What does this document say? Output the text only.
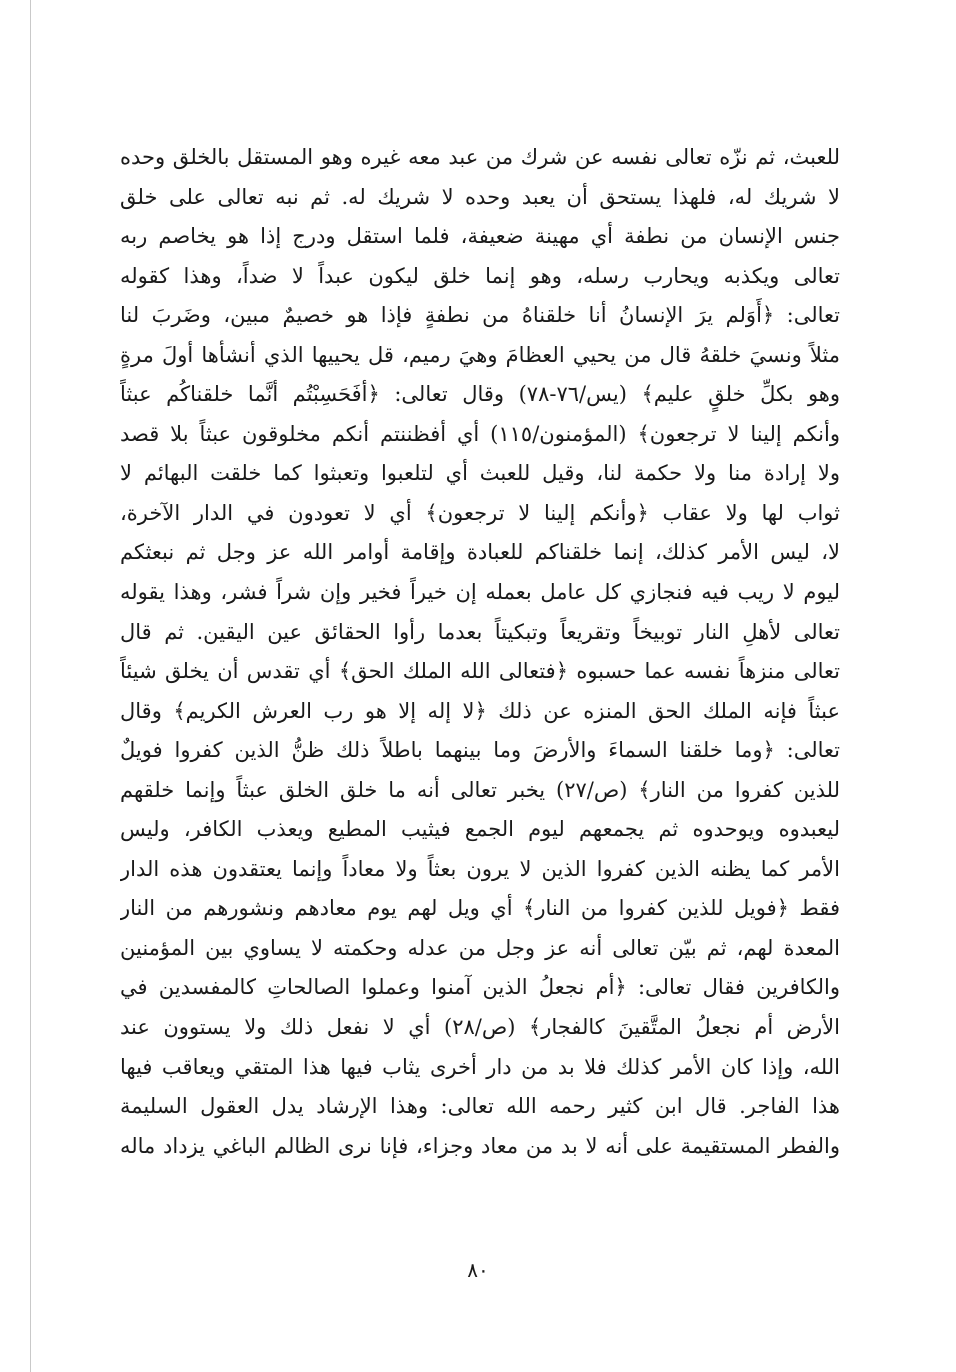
للعبث، ثم نزّه تعالى نفسه عن شرك من عبد معه غيره وهو المستقل بالخلق وحده
لا شريك له، فلهذا يستحق أن يعبد وحده لا شريك له. ثم نبه تعالى على خلق
جنس الإنسان من نطفة أي مهينة ضعيفة، فلما استقل ودرج إذا هو يخاصم ربه
تعالى ويكذبه ويحارب رسله، وهو إنما خلق ليكون عبداً لا ضداً، وهذا كقوله
تعالى: ﴿أَوَلم يرَ الإنسانُ أنا خلقناهُ من نطفةٍ فإذا هو خصيمٌ مبين، وضَربَ لنا
مثلاً ونسيَ خلقهُ قال من يحيي العظامَ وهيَ رميم، قل يحييها الذي أنشأها أولَ مرةٍ
وهو بكلِّ خلقٍ عليم﴾ (يس/٧٦-٧٨) وقال تعالى: ﴿أفَحَسِبْتُم أنَّما خلقناكُم عبثاً
وأنكم إلينا لا ترجعون﴾ (المؤمنون/١١٥) أي أفظننتم أنكم مخلوقون عبثاً بلا قصد
ولا إرادة منا ولا حكمة لنا، وقيل للعبث أي لتلعبوا وتعبثوا كما خلقت البهائم لا
ثواب لها ولا عقاب ﴿وأنكم إلينا لا ترجعون﴾ أي لا تعودون في الدار الآخرة،
لا، ليس الأمر كذلك، إنما خلقناكم للعبادة وإقامة أوامر الله عز وجل ثم نبعثكم
ليوم لا ريب فيه فنجازي كل عامل بعمله إن خيراً فخير وإن شراً فشر، وهذا يقوله
تعالى لأهلِ النار توبيخاً وتقريعاً وتبكيتاً بعدما رأوا الحقائق عين اليقين. ثم قال
تعالى منزهاً نفسه عما حسبوه ﴿فتعالى الله الملك الحق﴾ أي تقدس أن يخلق شيئاً
عبثاً فإنه الملك الحق المنزه عن ذلك ﴿لا إله إلا هو رب العرش الكريم﴾ وقال
تعالى: ﴿وما خلقنا السماءَ والأرضَ وما بينهما باطلاً ذلك ظنُّ الذين كفروا فويلٌ
للذين كفروا من النار﴾ (ص/٢٧) يخبر تعالى أنه ما خلق الخلق عبثاً وإنما خلقهم
ليعبدوه ويوحدوه ثم يجمعهم ليوم الجمع فيثيب المطيع ويعذب الكافر، وليس
الأمر كما يظنه الذين كفروا الذين لا يرون بعثاً ولا معاداً وإنما يعتقدون هذه الدار
فقط ﴿فويل للذين كفروا من النار﴾ أي ويل لهم يوم معادهم ونشورهم من النار
المعدة لهم، ثم بيّن تعالى أنه عز وجل من عدله وحكمته لا يساوي بين المؤمنين
والكافرين فقال تعالى: ﴿أم نجعلُ الذين آمنوا وعملوا الصالحاتِ كالمفسدين في
الأرض أم نجعلُ المتَّقينَ كالفجار﴾ (ص/٢٨) أي لا نفعل ذلك ولا يستوون عند
الله، وإذا كان الأمر كذلك فلا بد من دار أخرى يثاب فيها هذا المتقي ويعاقب فيها
هذا الفاجر. قال ابن كثير رحمه الله تعالى: وهذا الإرشاد يدل العقول السليمة
والفطر المستقيمة على أنه لا بد من معاد وجزاء، فإنا نرى الظالم الباغي يزداد ماله
٨٠
